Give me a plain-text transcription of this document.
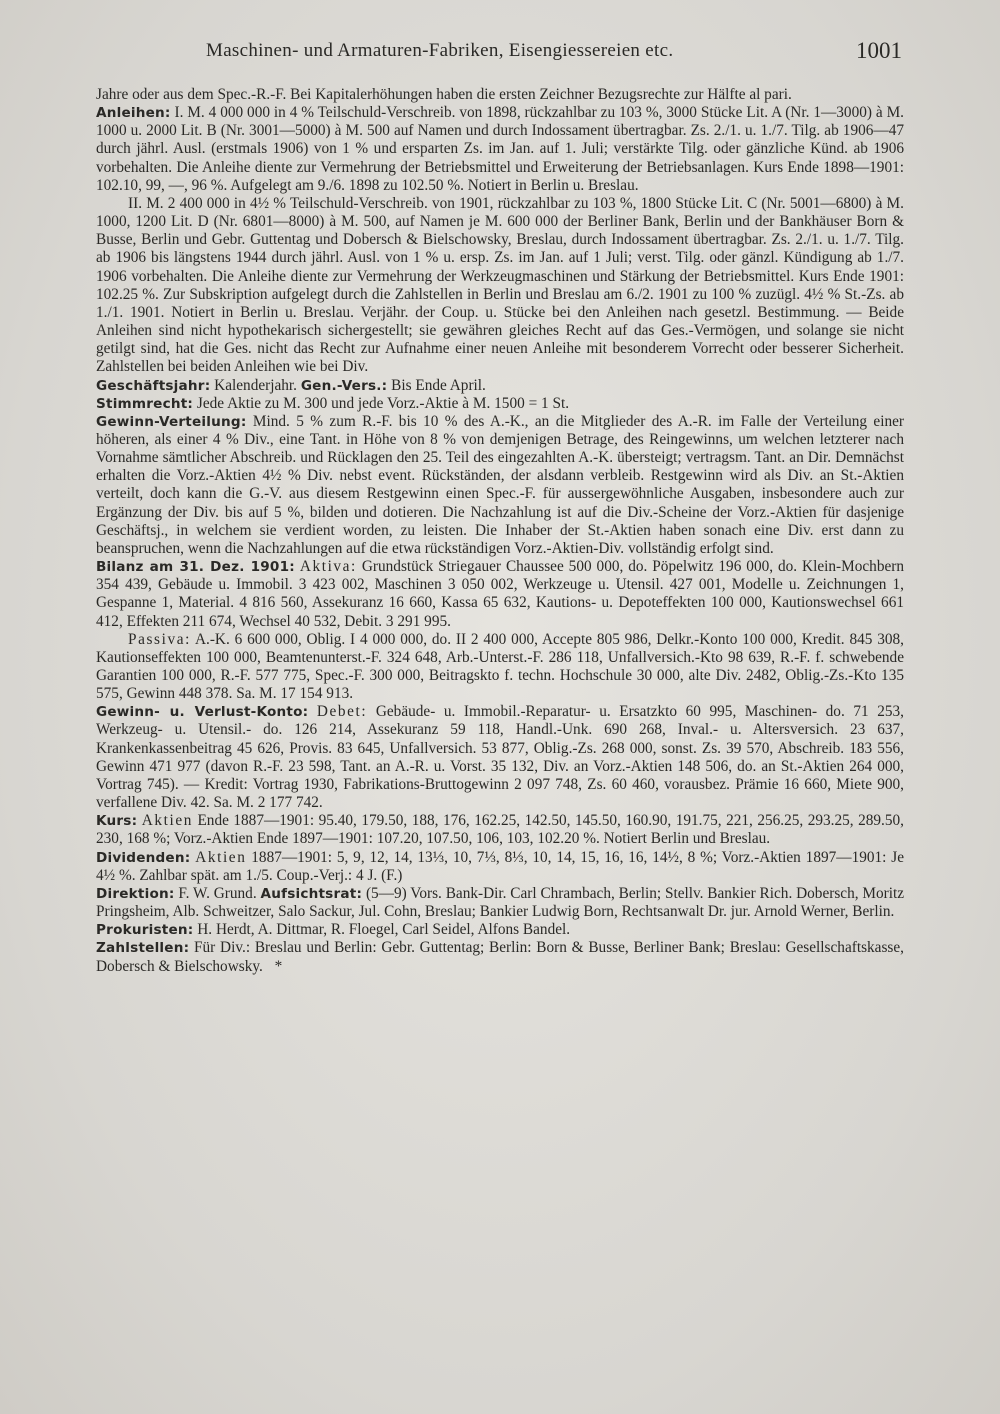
Maschinen- und Armaturen-Fabriken, Eisengiessereien etc.	1001

Jahre oder aus dem Spec.-R.-F. Bei Kapitalerhöhungen haben die ersten Zeichner Bezugsrechte zur Hälfte al pari.

Anleihen: I. M. 4 000 000 in 4 % Teilschuld-Verschreib. von 1898, rückzahlbar zu 103 %, 3000 Stücke Lit. A (Nr. 1—3000) à M. 1000 u. 2000 Lit. B (Nr. 3001—5000) à M. 500 auf Namen und durch Indossament übertragbar. Zs. 2./1. u. 1./7. Tilg. ab 1906—47 durch jährl. Ausl. (erstmals 1906) von 1 % und ersparten Zs. im Jan. auf 1. Juli; verstärkte Tilg. oder gänzliche Künd. ab 1906 vorbehalten. Die Anleihe diente zur Vermehrung der Betriebsmittel und Erweiterung der Betriebsanlagen. Kurs Ende 1898—1901: 102.10, 99, —, 96 %. Aufgelegt am 9./6. 1898 zu 102.50 %. Notiert in Berlin u. Breslau.

II. M. 2 400 000 in 4½ % Teilschuld-Verschreib. von 1901, rückzahlbar zu 103 %, 1800 Stücke Lit. C (Nr. 5001—6800) à M. 1000, 1200 Lit. D (Nr. 6801—8000) à M. 500, auf Namen je M. 600 000 der Berliner Bank, Berlin und der Bankhäuser Born & Busse, Berlin und Gebr. Guttentag und Dobersch & Bielschowsky, Breslau, durch Indossament übertragbar. Zs. 2./1. u. 1./7. Tilg. ab 1906 bis längstens 1944 durch jährl. Ausl. von 1 % u. ersp. Zs. im Jan. auf 1 Juli; verst. Tilg. oder gänzl. Kündigung ab 1./7. 1906 vorbehalten. Die Anleihe diente zur Vermehrung der Werkzeugmaschinen und Stärkung der Betriebsmittel. Kurs Ende 1901: 102.25 %. Zur Subskription aufgelegt durch die Zahlstellen in Berlin und Breslau am 6./2. 1901 zu 100 % zuzügl. 4½ % St.-Zs. ab 1./1. 1901. Notiert in Berlin u. Breslau. Verjähr. der Coup. u. Stücke bei den Anleihen nach gesetzl. Bestimmung. — Beide Anleihen sind nicht hypothekarisch sichergestellt; sie gewähren gleiches Recht auf das Ges.-Vermögen, und solange sie nicht getilgt sind, hat die Ges. nicht das Recht zur Aufnahme einer neuen Anleihe mit besonderem Vorrecht oder besserer Sicherheit. Zahlstellen bei beiden Anleihen wie bei Div.

Geschäftsjahr: Kalenderjahr. Gen.-Vers.: Bis Ende April.

Stimmrecht: Jede Aktie zu M. 300 und jede Vorz.-Aktie à M. 1500 = 1 St.

Gewinn-Verteilung: Mind. 5 % zum R.-F. bis 10 % des A.-K., an die Mitglieder des A.-R. im Falle der Verteilung einer höheren, als einer 4 % Div., eine Tant. in Höhe von 8 % von demjenigen Betrage, des Reingewinns, um welchen letzterer nach Vornahme sämtlicher Abschreib. und Rücklagen den 25. Teil des eingezahlten A.-K. übersteigt; vertragsm. Tant. an Dir. Demnächst erhalten die Vorz.-Aktien 4½ % Div. nebst event. Rückständen, der alsdann verbleib. Restgewinn wird als Div. an St.-Aktien verteilt, doch kann die G.-V. aus diesem Restgewinn einen Spec.-F. für aussergewöhnliche Ausgaben, insbesondere auch zur Ergänzung der Div. bis auf 5 %, bilden und dotieren. Die Nachzahlung ist auf die Div.-Scheine der Vorz.-Aktien für dasjenige Geschäftsj., in welchem sie verdient worden, zu leisten. Die Inhaber der St.-Aktien haben sonach eine Div. erst dann zu beanspruchen, wenn die Nachzahlungen auf die etwa rückständigen Vorz.-Aktien-Div. vollständig erfolgt sind.

Bilanz am 31. Dez. 1901: Aktiva: Grundstück Striegauer Chaussee 500 000, do. Pöpelwitz 196 000, do. Klein-Mochbern 354 439, Gebäude u. Immobil. 3 423 002, Maschinen 3 050 002, Werkzeuge u. Utensil. 427 001, Modelle u. Zeichnungen 1, Gespanne 1, Material. 4 816 560, Assekuranz 16 660, Kassa 65 632, Kautions- u. Depoteffekten 100 000, Kautionswechsel 661 412, Effekten 211 674, Wechsel 40 532, Debit. 3 291 995.

Passiva: A.-K. 6 600 000, Oblig. I 4 000 000, do. II 2 400 000, Accepte 805 986, Delkr.-Konto 100 000, Kredit. 845 308, Kautionseffekten 100 000, Beamtenunterst.-F. 324 648, Arb.-Unterst.-F. 286 118, Unfallversich.-Kto 98 639, R.-F. f. schwebende Garantien 100 000, R.-F. 577 775, Spec.-F. 300 000, Beitragskto f. techn. Hochschule 30 000, alte Div. 2482, Oblig.-Zs.-Kto 135 575, Gewinn 448 378. Sa. M. 17 154 913.

Gewinn- u. Verlust-Konto: Debet: Gebäude- u. Immobil.-Reparatur- u. Ersatzkto 60 995, Maschinen- do. 71 253, Werkzeug- u. Utensil.- do. 126 214, Assekuranz 59 118, Handl.-Unk. 690 268, Inval.- u. Altersversich. 23 637, Krankenkassenbeitrag 45 626, Provis. 83 645, Unfallversich. 53 877, Oblig.-Zs. 268 000, sonst. Zs. 39 570, Abschreib. 183 556, Gewinn 471 977 (davon R.-F. 23 598, Tant. an A.-R. u. Vorst. 35 132, Div. an Vorz.-Aktien 148 506, do. an St.-Aktien 264 000, Vortrag 745). — Kredit: Vortrag 1930, Fabrikations-Bruttogewinn 2 097 748, Zs. 60 460, vorausbez. Prämie 16 660, Miete 900, verfallene Div. 42. Sa. M. 2 177 742.

Kurs: Aktien Ende 1887—1901: 95.40, 179.50, 188, 176, 162.25, 142.50, 145.50, 160.90, 191.75, 221, 256.25, 293.25, 289.50, 230, 168 %; Vorz.-Aktien Ende 1897—1901: 107.20, 107.50, 106, 103, 102.20 %. Notiert Berlin und Breslau.

Dividenden: Aktien 1887—1901: 5, 9, 12, 14, 13⅓, 10, 7⅓, 8⅓, 10, 14, 15, 16, 16, 14½, 8 %; Vorz.-Aktien 1897—1901: Je 4½ %. Zahlbar spät. am 1./5. Coup.-Verj.: 4 J. (F.)

Direktion: F. W. Grund. Aufsichtsrat: (5—9) Vors. Bank-Dir. Carl Chrambach, Berlin; Stellv. Bankier Rich. Dobersch, Moritz Pringsheim, Alb. Schweitzer, Salo Sackur, Jul. Cohn, Breslau; Bankier Ludwig Born, Rechtsanwalt Dr. jur. Arnold Werner, Berlin.

Prokuristen: H. Herdt, A. Dittmar, R. Floegel, Carl Seidel, Alfons Bandel.

Zahlstellen: Für Div.: Breslau und Berlin: Gebr. Guttentag; Berlin: Born & Busse, Berliner Bank; Breslau: Gesellschaftskasse, Dobersch & Bielschowsky. *
